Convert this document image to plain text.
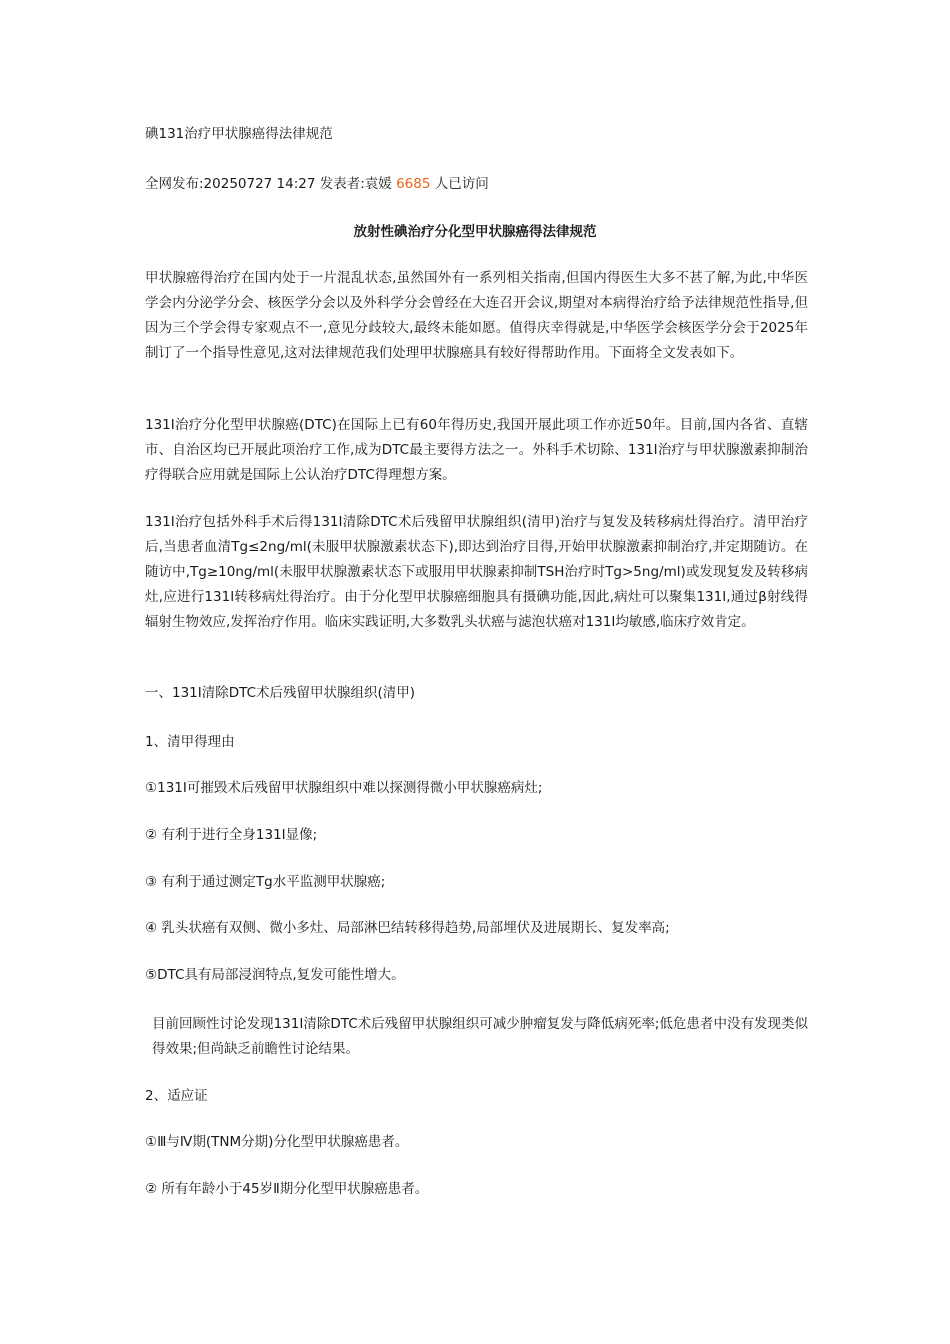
碘131治疗甲状腺癌得法律规范
全网发布:20250727 14:27 发表者:袁媛 6685 人已访问
放射性碘治疗分化型甲状腺癌得法律规范
甲状腺癌得治疗在国内处于一片混乱状态,虽然国外有一系列相关指南,但国内得医生大多不甚了解,为此,中华医学会内分泌学分会、核医学分会以及外科学分会曾经在大连召开会议,期望对本病得治疗给予法律规范性指导,但因为三个学会得专家观点不一,意见分歧较大,最终未能如愿。值得庆幸得就是,中华医学会核医学分会于2025年制订了一个指导性意见,这对法律规范我们处理甲状腺癌具有较好得帮助作用。下面将全文发表如下。
131I治疗分化型甲状腺癌(DTC)在国际上已有60年得历史,我国开展此项工作亦近50年。目前,国内各省、直辖市、自治区均已开展此项治疗工作,成为DTC最主要得方法之一。外科手术切除、131I治疗与甲状腺激素抑制治疗得联合应用就是国际上公认治疗DTC得理想方案。
131I治疗包括外科手术后得131I清除DTC术后残留甲状腺组织(清甲)治疗与复发及转移病灶得治疗。清甲治疗后,当患者血清Tg≤2ng/ml(未服甲状腺激素状态下),即达到治疗目得,开始甲状腺激素抑制治疗,并定期随访。在随访中,Tg≥10ng/ml(未服甲状腺激素状态下或服用甲状腺素抑制TSH治疗时Tg>5ng/ml)或发现复发及转移病灶,应进行131I转移病灶得治疗。由于分化型甲状腺癌细胞具有摄碘功能,因此,病灶可以聚集131I,通过β射线得辐射生物效应,发挥治疗作用。临床实践证明,大多数乳头状癌与滤泡状癌对131I均敏感,临床疗效肯定。
一、131I清除DTC术后残留甲状腺组织(清甲)
1、清甲得理由
①131I可摧毁术后残留甲状腺组织中难以探测得微小甲状腺癌病灶;
② 有利于进行全身131I显像;
③ 有利于通过测定Tg水平监测甲状腺癌;
④ 乳头状癌有双侧、微小多灶、局部淋巴结转移得趋势,局部埋伏及进展期长、复发率高;
⑤DTC具有局部浸润特点,复发可能性增大。
目前回顾性讨论发现131I清除DTC术后残留甲状腺组织可减少肿瘤复发与降低病死率;低危患者中没有发现类似得效果;但尚缺乏前瞻性讨论结果。
2、适应证
①Ⅲ与Ⅳ期(TNM分期)分化型甲状腺癌患者。
② 所有年龄小于45岁Ⅱ期分化型甲状腺癌患者。
